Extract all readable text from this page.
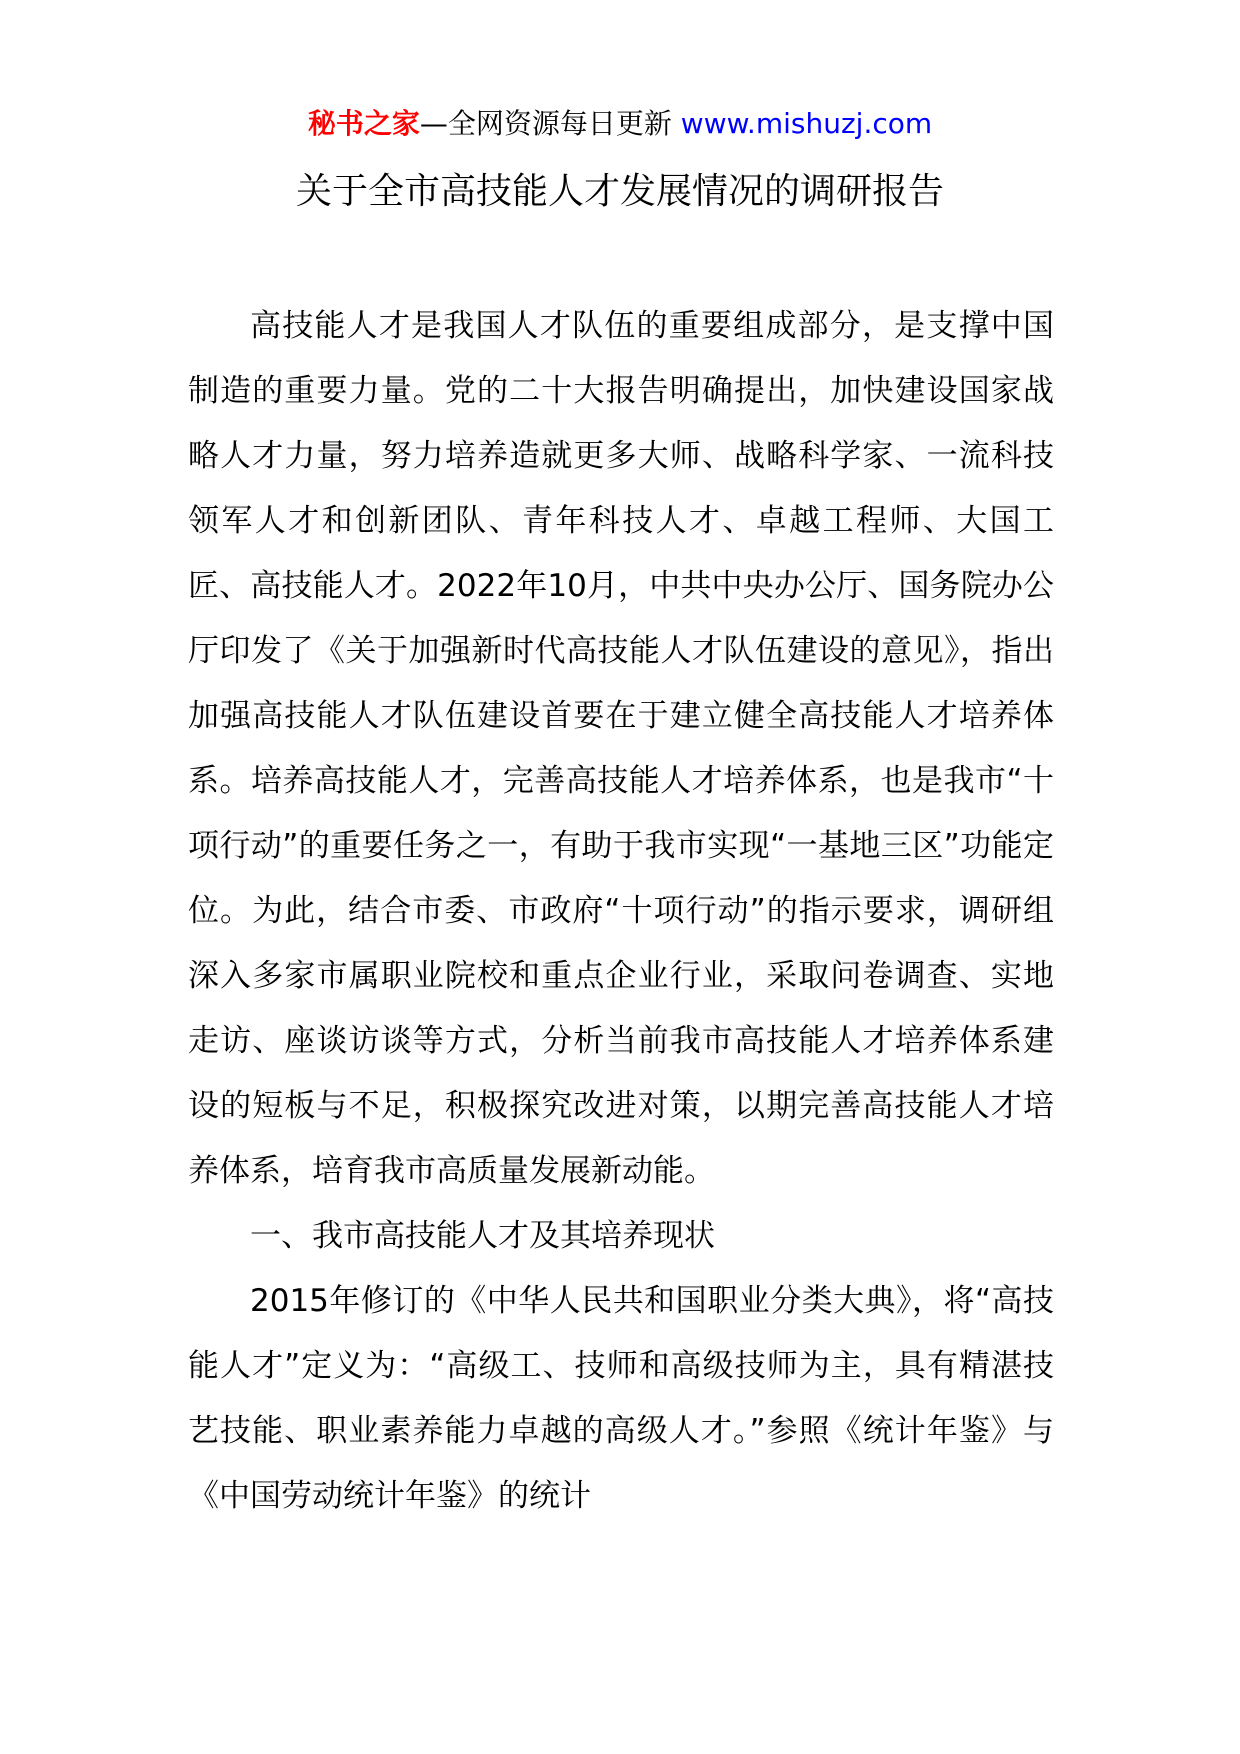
秘书之家—全网资源每日更新 www.mishuzj.com
关于全市高技能人才发展情况的调研报告

高技能人才是我国人才队伍的重要组成部分，是支撑中国制造的重要力量。党的二十大报告明确提出，加快建设国家战略人才力量，努力培养造就更多大师、战略科学家、一流科技领军人才和创新团队、青年科技人才、卓越工程师、大国工匠、高技能人才。2022年10月，中共中央办公厅、国务院办公厅印发了《关于加强新时代高技能人才队伍建设的意见》，指出加强高技能人才队伍建设首要在于建立健全高技能人才培养体系。培养高技能人才，完善高技能人才培养体系，也是我市“十项行动”的重要任务之一，有助于我市实现“一基地三区”功能定位。为此，结合市委、市政府“十项行动”的指示要求，调研组深入多家市属职业院校和重点企业行业，采取问卷调查、实地走访、座谈访谈等方式，分析当前我市高技能人才培养体系建设的短板与不足，积极探究改进对策，以期完善高技能人才培养体系，培育我市高质量发展新动能。

一、我市高技能人才及其培养现状

2015年修订的《中华人民共和国职业分类大典》，将“高技能人才”定义为：“高级工、技师和高级技师为主，具有精湛技艺技能、职业素养能力卓越的高级人才。”参照《统计年鉴》与《中国劳动统计年鉴》的统计
